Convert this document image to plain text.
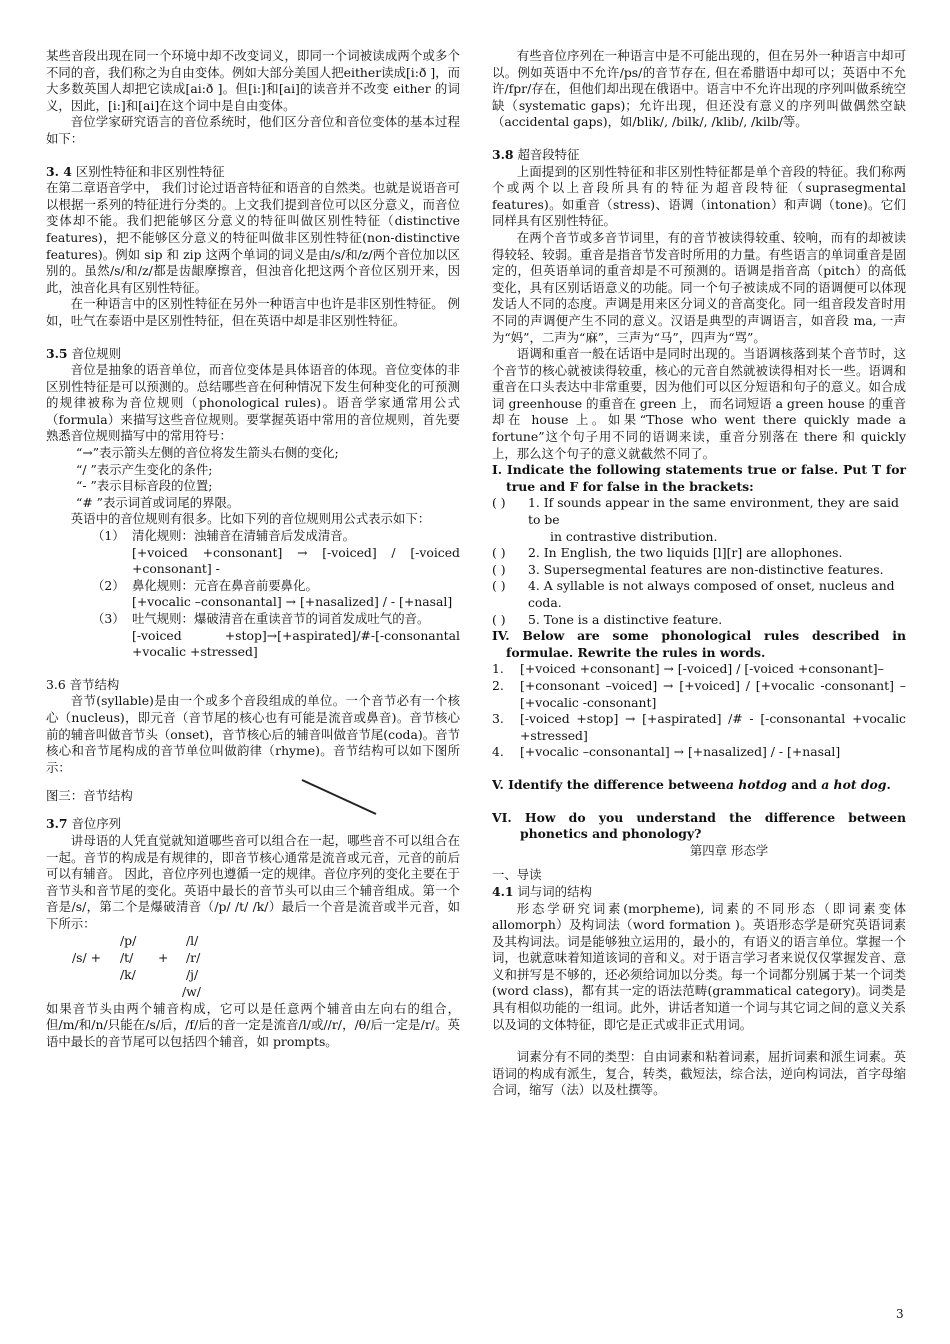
某些音段出现在同一个环境中却不改变词义，即同一个词被读成两个或多个不同的音，我们称之为自由变体。例如大部分美国人把either读成[i:ð ]，而大多数英国人却把它读成[ai:ð ]。但[i:]和[ai]的读音并不改变 either 的词义，因此，[i:]和[ai]在这个词中是自由变体。

音位学家研究语言的音位系统时，他们区分音位和音位变体的基本过程如下：

3. 4 区别性特征和非区别性特征

在第二章语音学中， 我们讨论过语音特征和语音的自然类。也就是说语音可以根据一系列的特征进行分类的。上文我们提到音位可以区分意义，而音位变体却不能。我们把能够区分意义的特征叫做区别性特征（distinctive features)，把不能够区分意义的特征叫做非区别性特征(non-distinctive features)。例如 sip 和 zip 这两个单词的词义是由/s/和/z/两个音位加以区别的。虽然/s/和/z/都是齿龈摩擦音，但浊音化把这两个音位区别开来，因此，浊音化具有区别性特征。

在一种语言中的区别性特征在另外一种语言中也许是非区别性特征。 例如，吐气在泰语中是区别性特征，但在英语中却是非区别性特征。

3.5 音位规则

音位是抽象的语音单位，而音位变体是具体语音的体现。音位变体的非区别性特征是可以预测的。总结哪些音在何种情况下发生何种变化的可预测的规律被称为音位规则（phonological rules)。语音学家通常用公式（formula）来描写这些音位规则。要掌握英语中常用的音位规则，首先要熟悉音位规则描写中的常用符号：

“→”表示箭头左侧的音位将发生箭头右侧的变化;

“/ ”表示产生变化的条件;

“- ”表示目标音段的位置;

“# ”表示词首或词尾的界限。

英语中的音位规则有很多。比如下列的音位规则用公式表示如下：

（1） 清化规则：浊辅音在清辅音后发成清音。

[+voiced +consonant] → [-voiced] / [-voiced +consonant] -

（2） 鼻化规则：元音在鼻音前要鼻化。

[+vocalic –consonantal] → [+nasalized] / - [+nasal]

（3） 吐气规则：爆破清音在重读音节的词首发成吐气的音。

[-voiced +stop]→[+aspirated]/#-[-consonantal +vocalic +stressed]

3.6 音节结构

音节(syllable)是由一个或多个音段组成的单位。一个音节必有一个核心（nucleus)，即元音（音节尾的核心也有可能是流音或鼻音)。音节核心前的辅音叫做音节头（onset)，音节核心后的辅音叫做音节尾(coda)。音节核心和音节尾构成的音节单位叫做韵律（rhyme)。音节结构可以如下图所示：

图三：音节结构

3.7 音位序列

讲母语的人凭直觉就知道哪些音可以组合在一起，哪些音不可以组合在一起。音节的构成是有规律的，即音节核心通常是流音或元音，元音的前后可以有辅音。 因此，音位序列也遵循一定的规律。音位序列的变化主要在于音节头和音节尾的变化。英语中最长的音节头可以由三个辅音组成。第一个音是/s/，第二个是爆破清音（/p/ /t/ /k/）最后一个音是流音或半元音，如下所示：

/p/
/s/ + /t/
/k/
+
/l/
/r/
/j/
/w/

如果音节头由两个辅音构成，它可以是任意两个辅音由左向右的组合， 但/m/和/n/只能在/s/后，/f/后的音一定是流音/l/或//r/，/θ/后一定是/r/。英语中最长的音节尾可以包括四个辅音，如 prompts。

有些音位序列在一种语言中是不可能出现的，但在另外一种语言中却可以。例如英语中不允许/ps/的音节存在, 但在希腊语中却可以；英语中不允许/fpr/存在，但他们却出现在俄语中。语言中不允许出现的序列叫做系统空缺（systematic gaps)；允许出现，但还没有意义的序列叫做偶然空缺（accidental gaps)，如/blik/, /bilk/, /klib/, /kilb/等。

3.8 超音段特征

上面提到的区别性特征和非区别性特征都是单个音段的特征。我们称两个或两个以上音段所具有的特征为超音段特征（suprasegmental features)。如重音（stress)、语调（intonation）和声调（tone)。它们同样具有区别性特征。

在两个音节或多音节词里，有的音节被读得较重、较响，而有的却被读得较轻、较弱。重音是指音节发音时所用的力量。有些语言的单词重音是固定的，但英语单词的重音却是不可预测的。语调是指音高（pitch）的高低变化，具有区别话语意义的功能。同一个句子被读成不同的语调便可以体现发话人不同的态度。声调是用来区分词义的音高变化。同一组音段发音时用不同的声调便产生不同的意义。汉语是典型的声调语言，如音段 ma, 一声为“妈”，二声为“麻”，三声为“马”，四声为“骂”。

语调和重音一般在话语中是同时出现的。当语调核落到某个音节时，这个音节的核心就被读得较重，核心的元音自然就被读得相对长一些。语调和重音在口头表达中非常重要，因为他们可以区分短语和句子的意义。如合成词 greenhouse 的重音在 green 上， 而名词短语 a green house 的重音却在 house 上。如果“Those who went there quickly made a fortune”这个句子用不同的语调来读，重音分别落在 there 和 quickly 上，那么这个句子的意义就截然不同了。

I. Indicate the following statements true or false. Put T for true and F for false in the brackets:

( )	1. If sounds appear in the same environment, they are said to be
in contrastive distribution.
( )	2. In English, the two liquids [l][r] are allophones.
( )	3. Supersegmental features are non-distinctive features.
( )	4. A syllable is not always composed of onset, nucleus and coda.
( )	5. Tone is a distinctive feature.

IV. Below are some phonological rules described in formulae. Rewrite the rules in words.

1.	[+voiced +consonant] → [-voiced] / [-voiced +consonant]–
2.	[+consonant –voiced] → [+voiced] / [+vocalic -consonant] –[+vocalic -consonant]
3.	[-voiced +stop] → [+aspirated] /# - [-consonantal +vocalic +stressed]
4.	[+vocalic –consonantal] → [+nasalized] / - [+nasal]

V. Identify the difference betweena hotdog and a hot dog.

VI. How do you understand the difference between phonetics and phonology?

第四章 形态学

一、导读

4.1 词与词的结构

形态学研究词素(morpheme), 词素的不同形态（即词素变体allomorph）及构词法（word formation )。英语形态学是研究英语词素及其构词法。词是能够独立运用的，最小的，有语义的语言单位。掌握一个词，也就意味着知道该词的音和义。对于语言学习者来说仅仅掌握发音、意义和拼写是不够的，还必须给词加以分类。每一个词都分别属于某一个词类(word class)，都有其一定的语法范畴(grammatical category)。词类是具有相似功能的一组词。此外，讲话者知道一个词与其它词之间的意义关系以及词的文体特征，即它是正式或非正式用词。

词素分有不同的类型：自由词素和粘着词素，屈折词素和派生词素。英语词的构成有派生，复合，转类，截短法，综合法，逆向构词法，首字母缩合词，缩写（法）以及杜撰等。

3
